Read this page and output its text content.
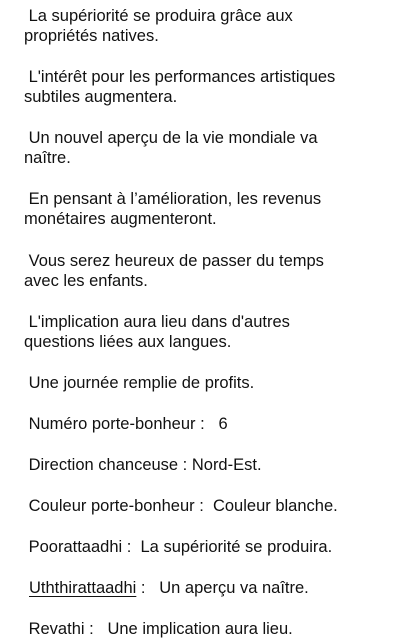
La supériorité se produira grâce aux
propriétés natives.
L'intérêt pour les performances artistiques
subtiles augmentera.
Un nouvel aperçu de la vie mondiale va
naître.
En pensant à l’amélioration, les revenus
monétaires augmenteront.
Vous serez heureux de passer du temps
avec les enfants.
L'implication aura lieu dans d'autres
questions liées aux langues.
Une journée remplie de profits.
Numéro porte-bonheur :   6
Direction chanceuse : Nord-Est.
Couleur porte-bonheur :  Couleur blanche.
Poorattaadhi :  La supériorité se produira.
Uththirattaadhi :   Un aperçu va naître.
Revathi :   Une implication aura lieu.
